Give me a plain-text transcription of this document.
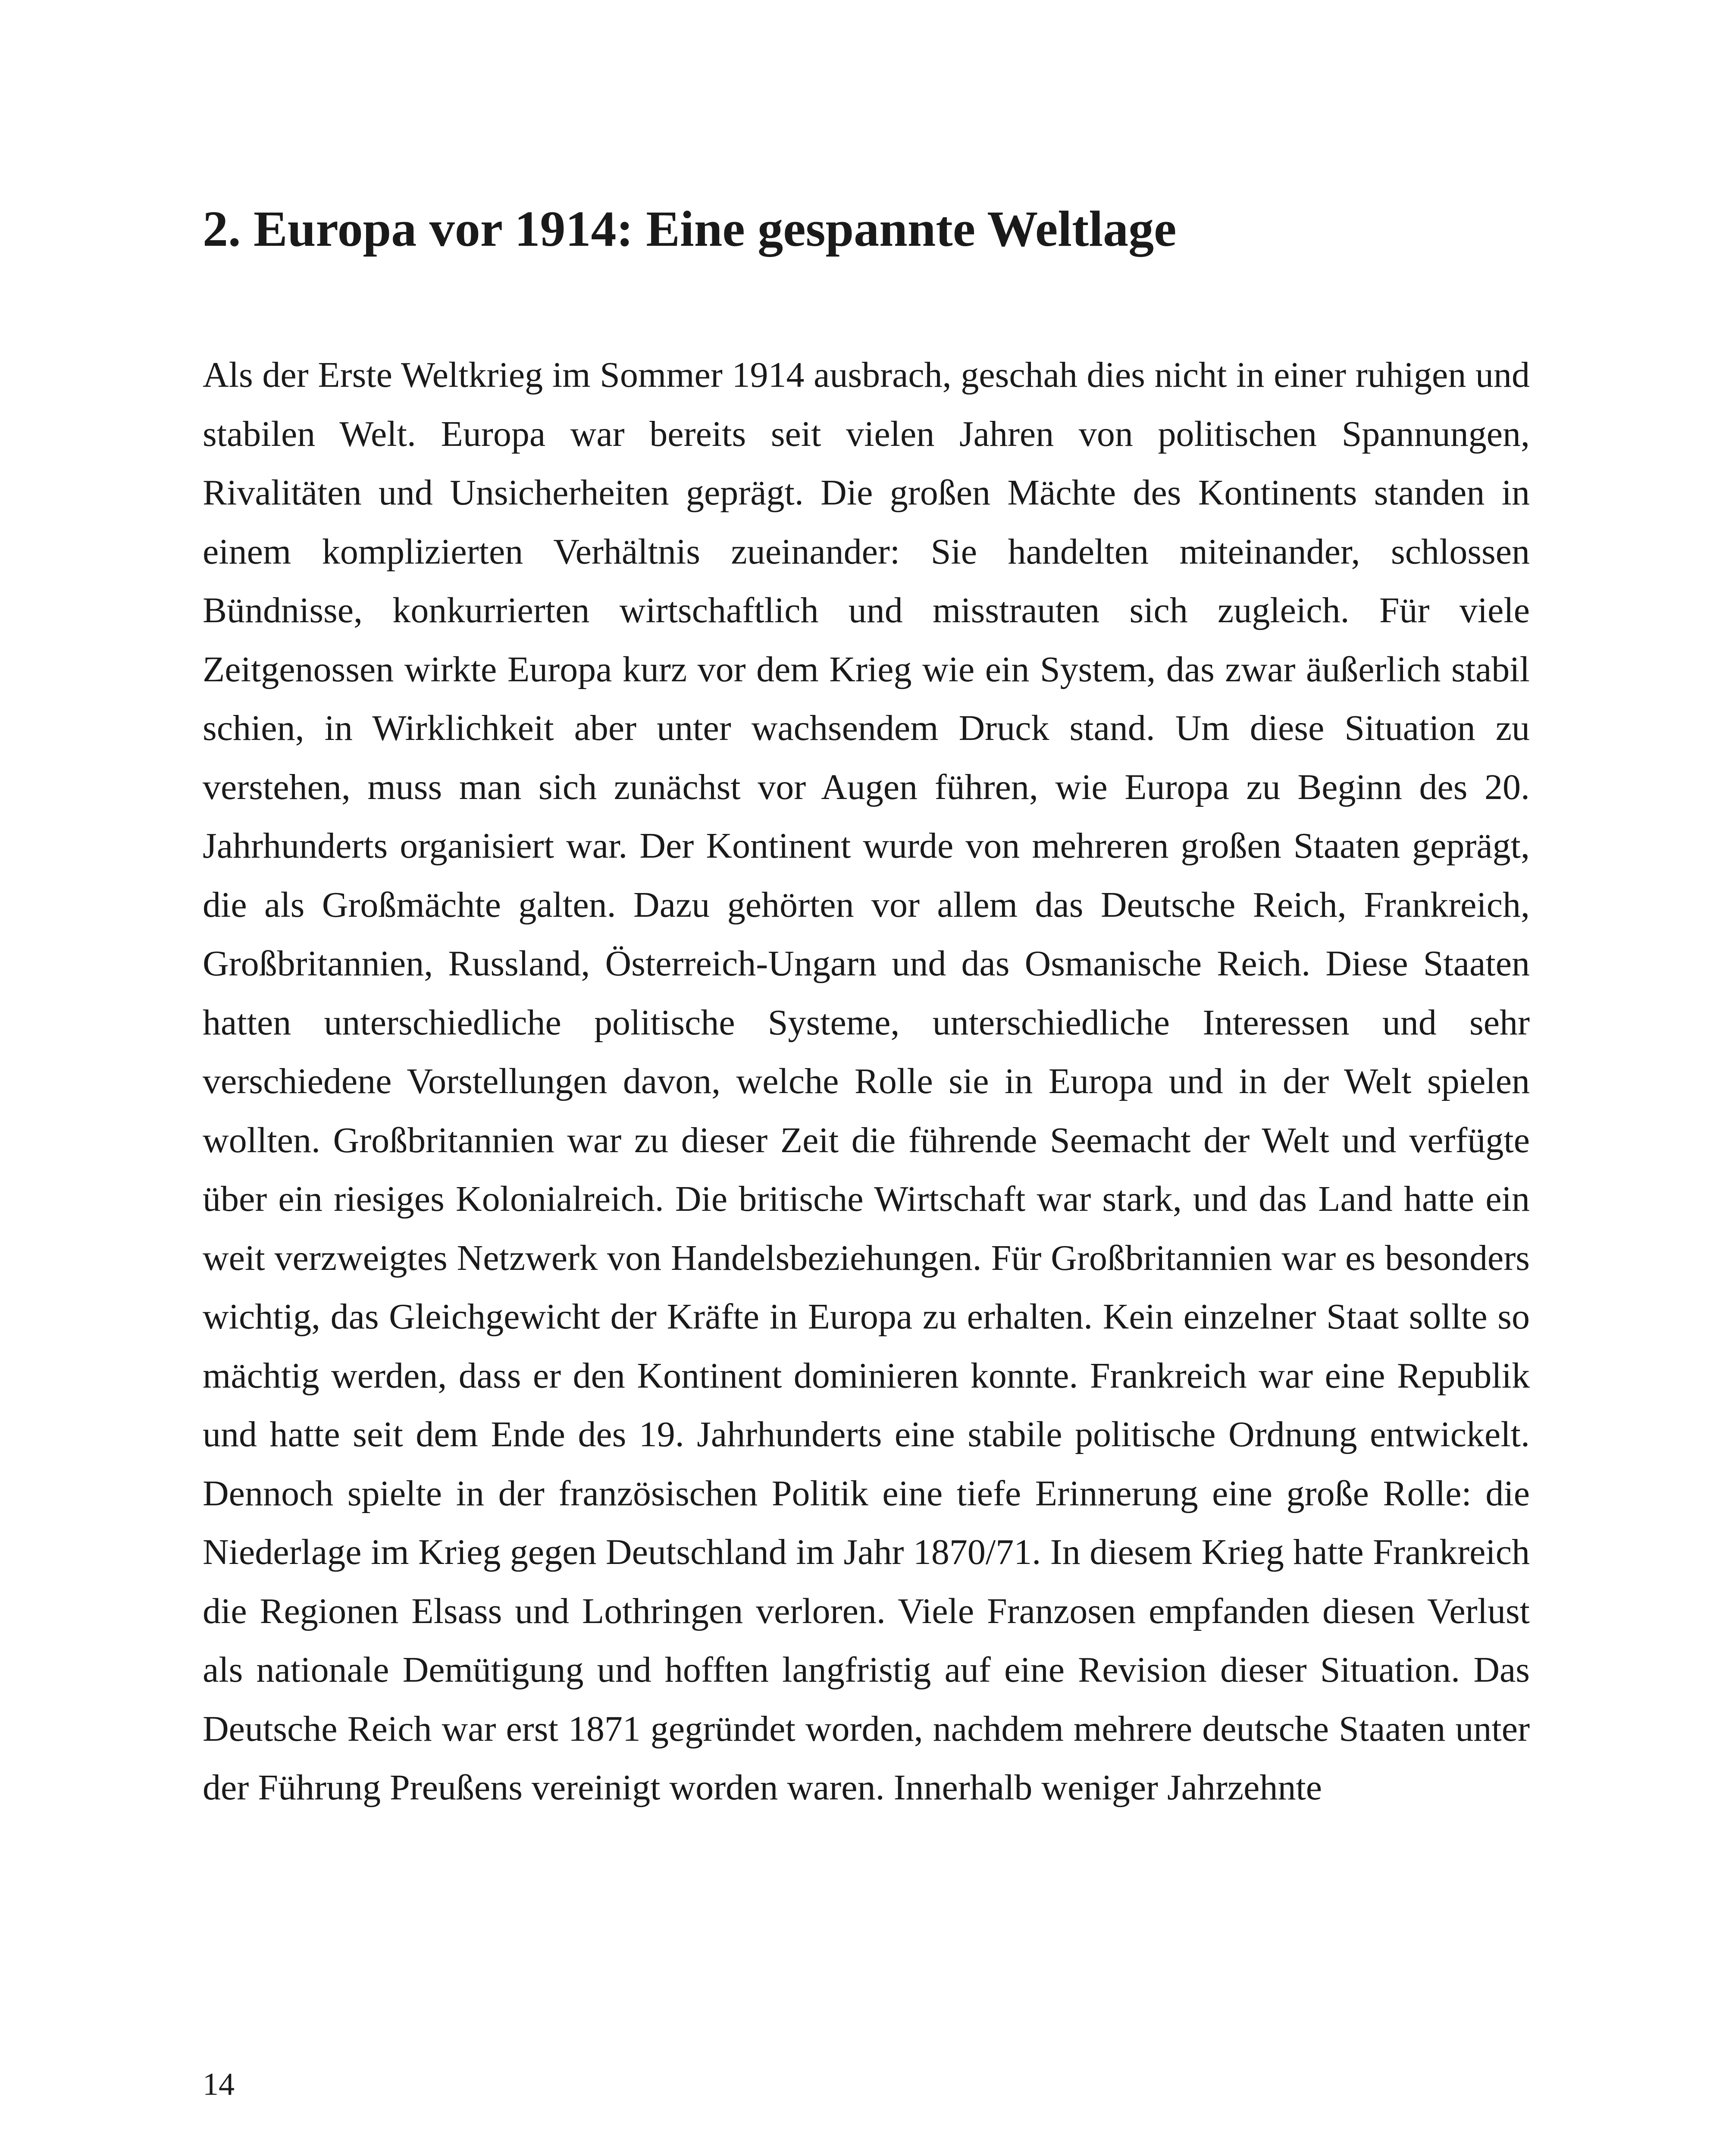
2. Europa vor 1914: Eine gespannte Weltlage

Als der Erste Weltkrieg im Sommer 1914 ausbrach, geschah dies nicht in einer ruhigen und stabilen Welt. Europa war bereits seit vielen Jahren von politischen Spannungen, Rivalitäten und Unsicherheiten geprägt. Die großen Mächte des Kontinents standen in einem komplizierten Verhältnis zueinander: Sie handelten miteinander, schlossen Bündnisse, konkurrierten wirtschaftlich und misstrauten sich zugleich. Für viele Zeitgenossen wirkte Europa kurz vor dem Krieg wie ein System, das zwar äußerlich stabil schien, in Wirklichkeit aber unter wachsendem Druck stand. Um diese Situation zu verstehen, muss man sich zunächst vor Augen führen, wie Europa zu Beginn des 20. Jahrhunderts organisiert war. Der Kontinent wurde von mehreren großen Staaten geprägt, die als Großmächte galten. Dazu gehörten vor allem das Deutsche Reich, Frankreich, Großbritannien, Russland, Österreich-Ungarn und das Osmanische Reich. Diese Staaten hatten unterschiedliche politische Systeme, unterschiedliche Interessen und sehr verschiedene Vorstellungen davon, welche Rolle sie in Europa und in der Welt spielen wollten. Großbritannien war zu dieser Zeit die führende Seemacht der Welt und verfügte über ein riesiges Kolonialreich. Die britische Wirtschaft war stark, und das Land hatte ein weit verzweigtes Netzwerk von Handelsbeziehungen. Für Großbritannien war es besonders wichtig, das Gleichgewicht der Kräfte in Europa zu erhalten. Kein einzelner Staat sollte so mächtig werden, dass er den Kontinent dominieren konnte. Frankreich war eine Republik und hatte seit dem Ende des 19. Jahrhunderts eine stabile politische Ordnung entwickelt. Dennoch spielte in der französischen Politik eine tiefe Erinnerung eine große Rolle: die Niederlage im Krieg gegen Deutschland im Jahr 1870/71. In diesem Krieg hatte Frankreich die Regionen Elsass und Lothringen verloren. Viele Franzosen empfanden diesen Verlust als nationale Demütigung und hofften langfristig auf eine Revision dieser Situation. Das Deutsche Reich war erst 1871 gegründet worden, nachdem mehrere deutsche Staaten unter der Führung Preußens vereinigt worden waren. Innerhalb weniger Jahrzehnte

14
